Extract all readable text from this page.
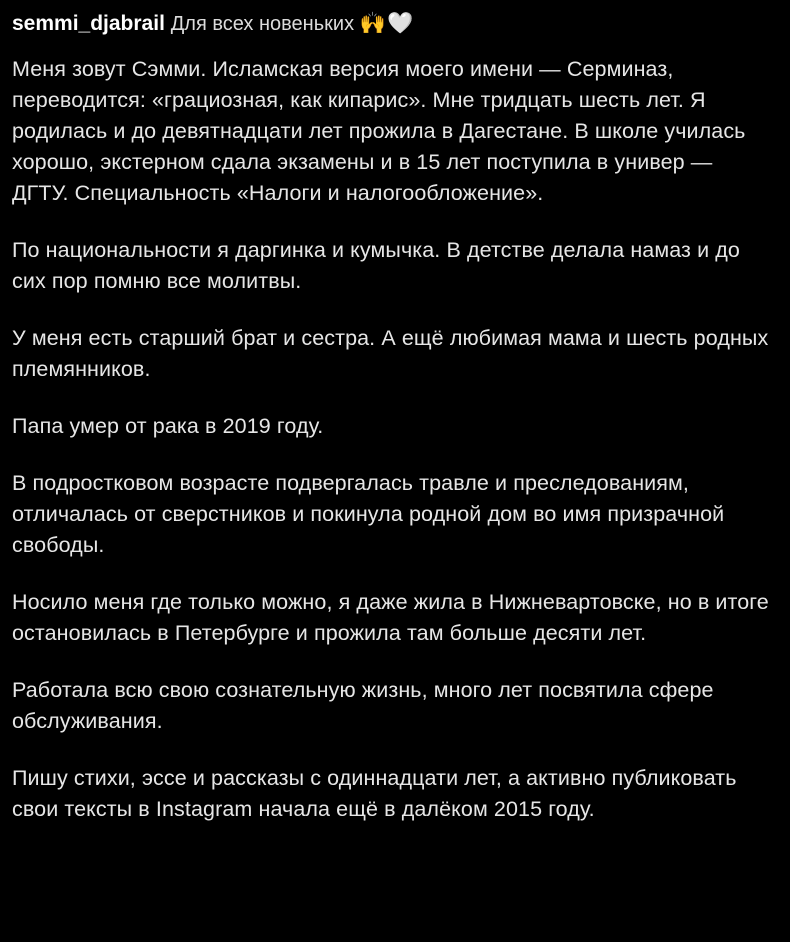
semmi_djabrail Для всех новеньких 🙌🤍

Меня зовут Сэмми. Исламская версия моего имени — Серминаз, переводится: «грациозная, как кипарис». Мне тридцать шесть лет. Я родилась и до девятнадцати лет прожила в Дагестане. В школе училась хорошо, экстерном сдала экзамены и в 15 лет поступила в универ — ДГТУ. Специальность «Налоги и налогообложение».

По национальности я даргинка и кумычка. В детстве делала намаз и до сих пор помню все молитвы.

У меня есть старший брат и сестра. А ещё любимая мама и шесть родных племянников.

Папа умер от рака в 2019 году.

В подростковом возрасте подвергалась травле и преследованиям, отличалась от сверстников и покинула родной дом во имя призрачной свободы.

Носило меня где только можно, я даже жила в Нижневартовске, но в итоге остановилась в Петербурге и прожила там больше десяти лет.

Работала всю свою сознательную жизнь, много лет посвятила сфере обслуживания.

Пишу стихи, эссе и рассказы с одиннадцати лет, а активно публиковать свои тексты в Instagram начала ещё в далёком 2015 году.
